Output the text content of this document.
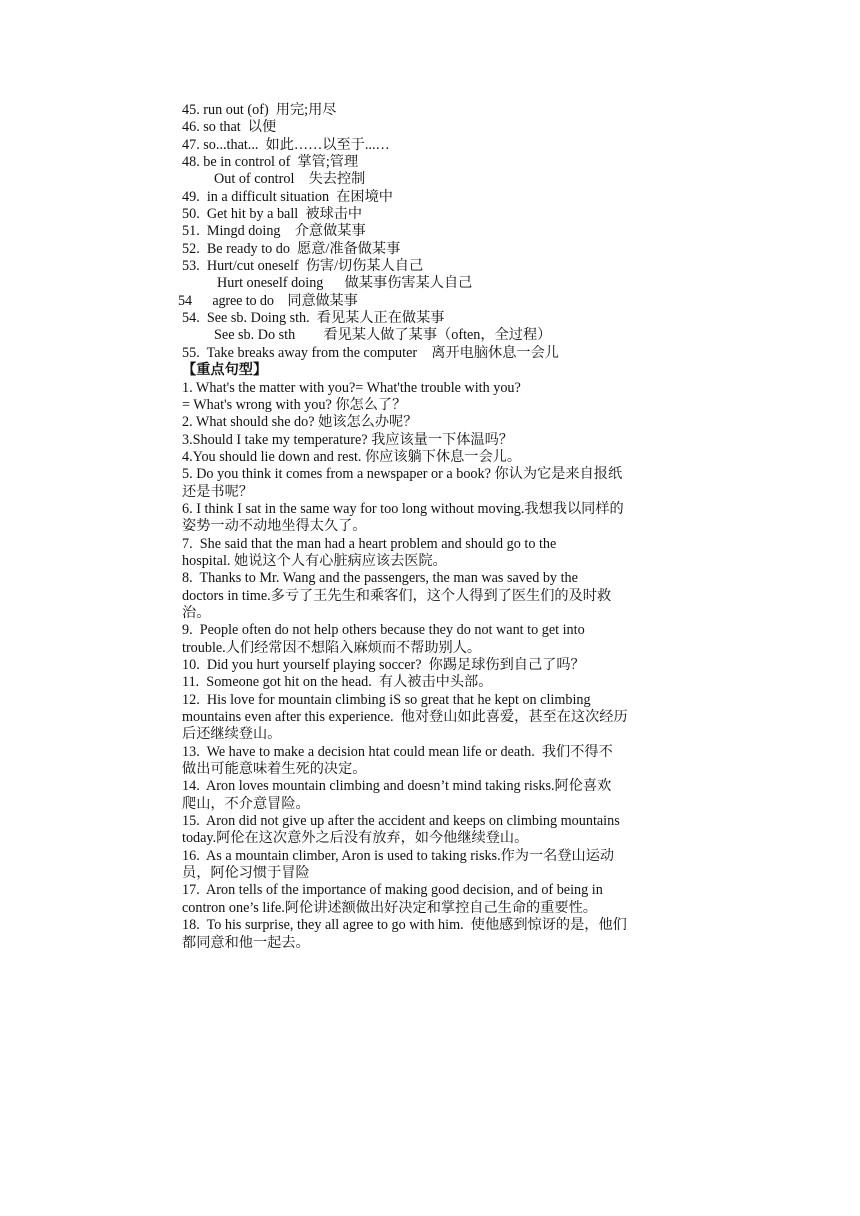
45. run out (of)  用完;用尽
46. so that  以便
47. so...that...  如此……以至于...…
48. be in control of  掌管;管理
Out of control    失去控制
49.  in a difficult situation  在困境中
50.  Get hit by a ball  被球击中
51.  Mingd doing    介意做某事
52.  Be ready to do  愿意/准备做某事
53.  Hurt/cut oneself  伤害/切伤某人自己
Hurt oneself doing      做某事伤害某人自己
54      agree to do    同意做某事
54.  See sb. Doing sth.  看见某人正在做某事
See sb. Do sth        看见某人做了某事（often，全过程）
55.  Take breaks away from the computer    离开电脑休息一会儿
【重点句型】
1. What's the matter with you?= What'the trouble with you?
= What's wrong with you? 你怎么了？
2. What should she do? 她该怎么办呢？
3.Should I take my temperature? 我应该量一下体温吗？
4.You should lie down and rest. 你应该躺下休息一会儿。
5. Do you think it comes from a newspaper or a book? 你认为它是来自报纸
还是书呢？
6. I think I sat in the same way for too long without moving.我想我以同样的
姿势一动不动地坐得太久了。
7.  She said that the man had a heart problem and should go to the
hospital. 她说这个人有心脏病应该去医院。
8.  Thanks to Mr. Wang and the passengers, the man was saved by the
doctors in time.多亏了王先生和乘客们，这个人得到了医生们的及时救
治。
9.  People often do not help others because they do not want to get into
trouble.人们经常因不想陷入麻烦而不帮助别人。
10.  Did you hurt yourself playing soccer?  你踢足球伤到自己了吗？
11.  Someone got hit on the head.  有人被击中头部。
12.  His love for mountain climbing iS so great that he kept on climbing
mountains even after this experience.  他对登山如此喜爱，甚至在这次经历
后还继续登山。
13.  We have to make a decision htat could mean life or death.  我们不得不
做出可能意味着生死的决定。
14.  Aron loves mountain climbing and doesn’t mind taking risks.阿伦喜欢
爬山，不介意冒险。
15.  Aron did not give up after the accident and keeps on climbing mountains
today.阿伦在这次意外之后没有放弃，如今他继续登山。
16.  As a mountain climber, Aron is used to taking risks.作为一名登山运动
员，阿伦习惯于冒险
17.  Aron tells of the importance of making good decision, and of being in
contron one’s life.阿伦讲述额做出好决定和掌控自己生命的重要性。
18.  To his surprise, they all agree to go with him.  使他感到惊讶的是，他们
都同意和他一起去。
